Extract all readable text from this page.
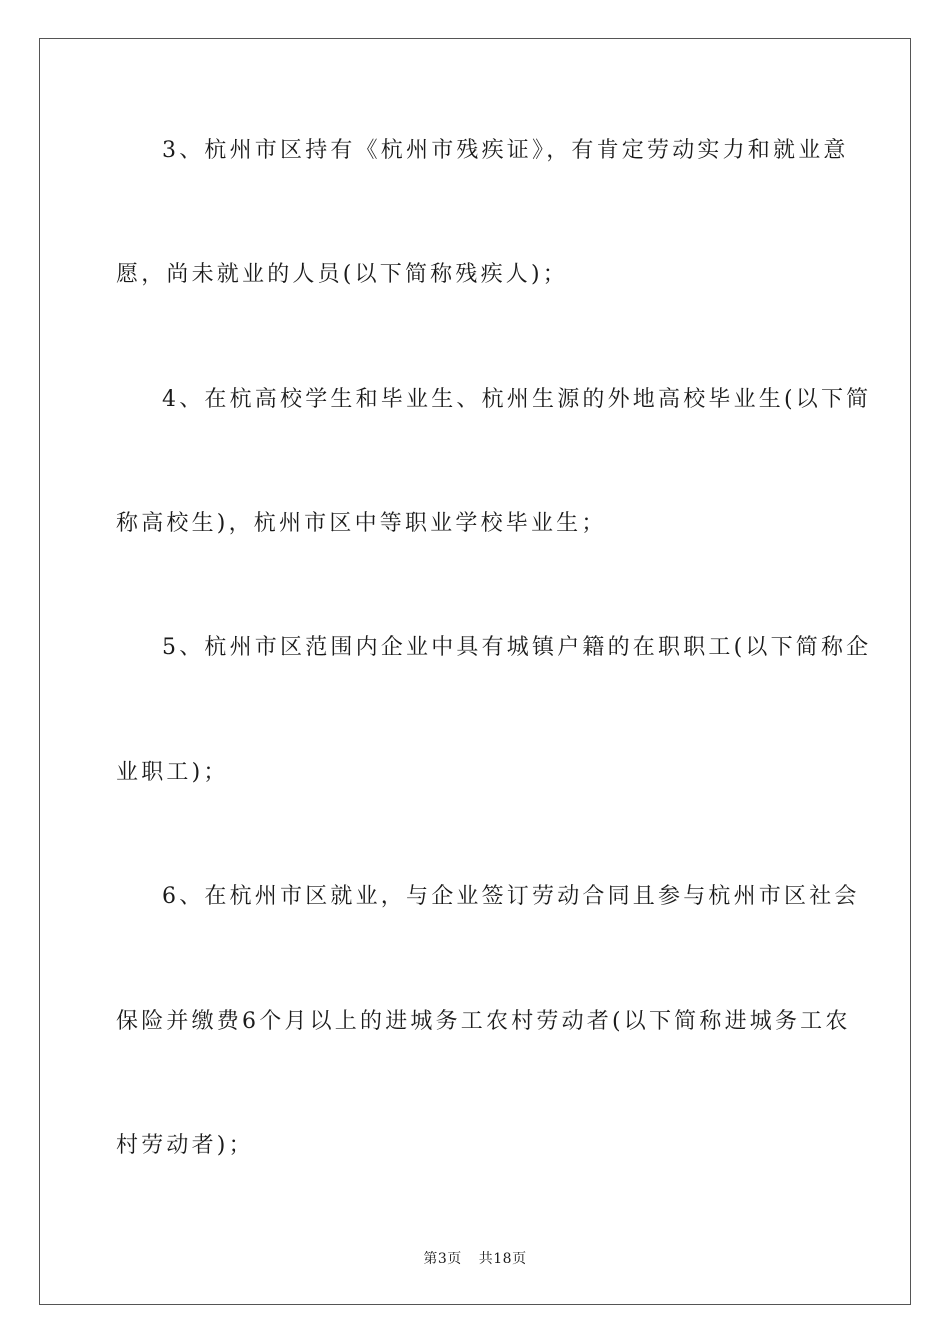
3、杭州市区持有《杭州市残疾证》，有肯定劳动实力和就业意
愿，尚未就业的人员(以下简称残疾人)；
4、在杭高校学生和毕业生、杭州生源的外地高校毕业生(以下简
称高校生)，杭州市区中等职业学校毕业生；
5、杭州市区范围内企业中具有城镇户籍的在职职工(以下简称企
业职工)；
6、在杭州市区就业，与企业签订劳动合同且参与杭州市区社会
保险并缴费6个月以上的进城务工农村劳动者(以下简称进城务工农
村劳动者)；
第3页 共18页
